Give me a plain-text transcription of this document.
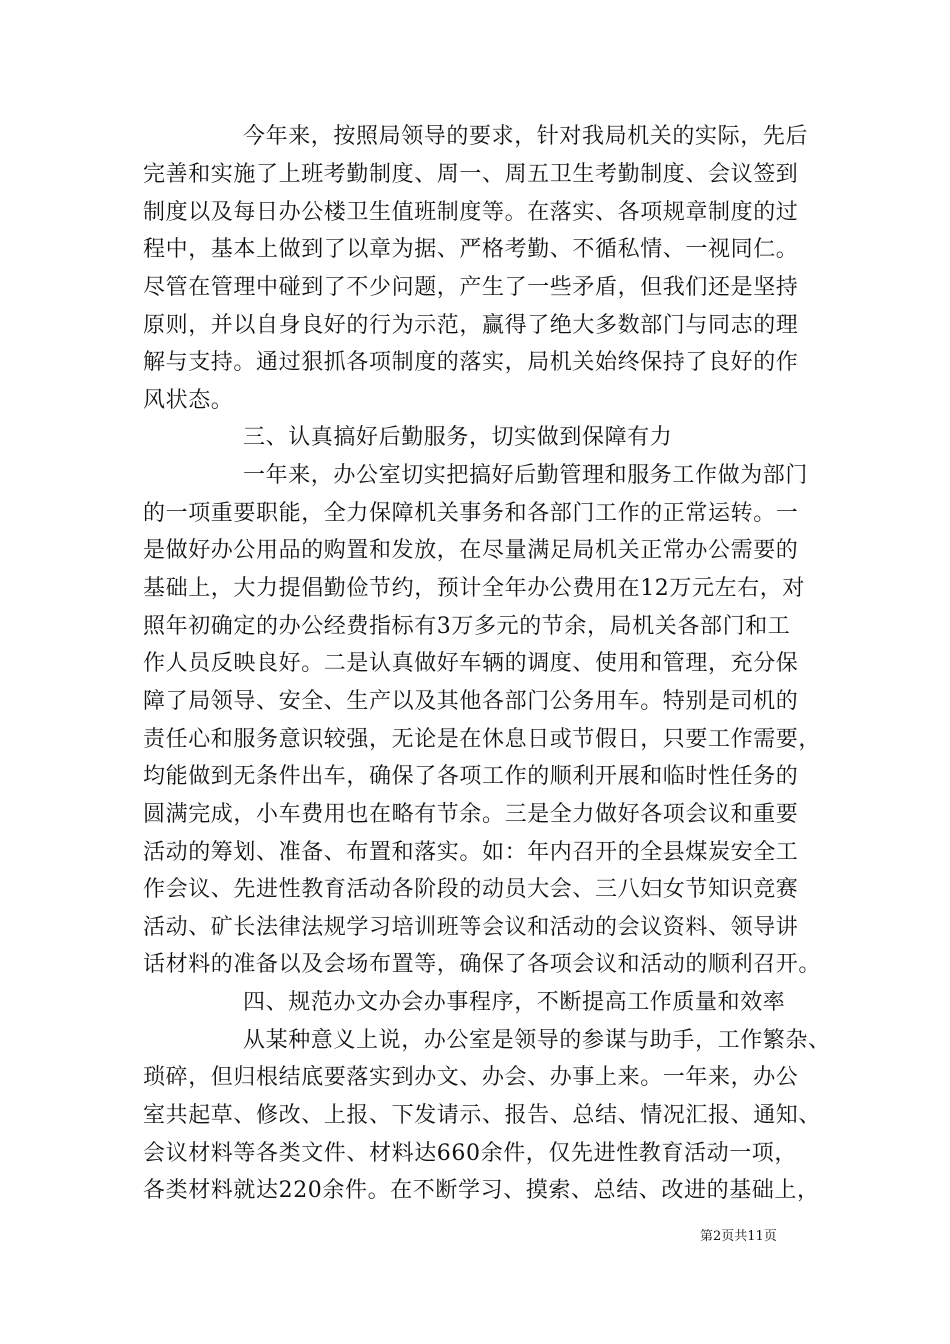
今年来，按照局领导的要求，针对我局机关的实际，先后
完善和实施了上班考勤制度、周一、周五卫生考勤制度、会议签到
制度以及每日办公楼卫生值班制度等。在落实、各项规章制度的过
程中，基本上做到了以章为据、严格考勤、不循私情、一视同仁。
尽管在管理中碰到了不少问题，产生了一些矛盾，但我们还是坚持
原则，并以自身良好的行为示范，赢得了绝大多数部门与同志的理
解与支持。通过狠抓各项制度的落实，局机关始终保持了良好的作
风状态。
三、认真搞好后勤服务，切实做到保障有力
一年来，办公室切实把搞好后勤管理和服务工作做为部门
的一项重要职能，全力保障机关事务和各部门工作的正常运转。一
是做好办公用品的购置和发放，在尽量满足局机关正常办公需要的
基础上，大力提倡勤俭节约，预计全年办公费用在12万元左右，对
照年初确定的办公经费指标有3万多元的节余，局机关各部门和工
作人员反映良好。二是认真做好车辆的调度、使用和管理，充分保
障了局领导、安全、生产以及其他各部门公务用车。特别是司机的
责任心和服务意识较强，无论是在休息日或节假日，只要工作需要，
均能做到无条件出车，确保了各项工作的顺利开展和临时性任务的
圆满完成，小车费用也在略有节余。三是全力做好各项会议和重要
活动的筹划、准备、布置和落实。如：年内召开的全县煤炭安全工
作会议、先进性教育活动各阶段的动员大会、三八妇女节知识竞赛
活动、矿长法律法规学习培训班等会议和活动的会议资料、领导讲
话材料的准备以及会场布置等，确保了各项会议和活动的顺利召开。
四、规范办文办会办事程序，不断提高工作质量和效率
从某种意义上说，办公室是领导的参谋与助手，工作繁杂、
琐碎，但归根结底要落实到办文、办会、办事上来。一年来，办公
室共起草、修改、上报、下发请示、报告、总结、情况汇报、通知、
会议材料等各类文件、材料达660余件，仅先进性教育活动一项，
各类材料就达220余件。在不断学习、摸索、总结、改进的基础上，
第2页共11页
